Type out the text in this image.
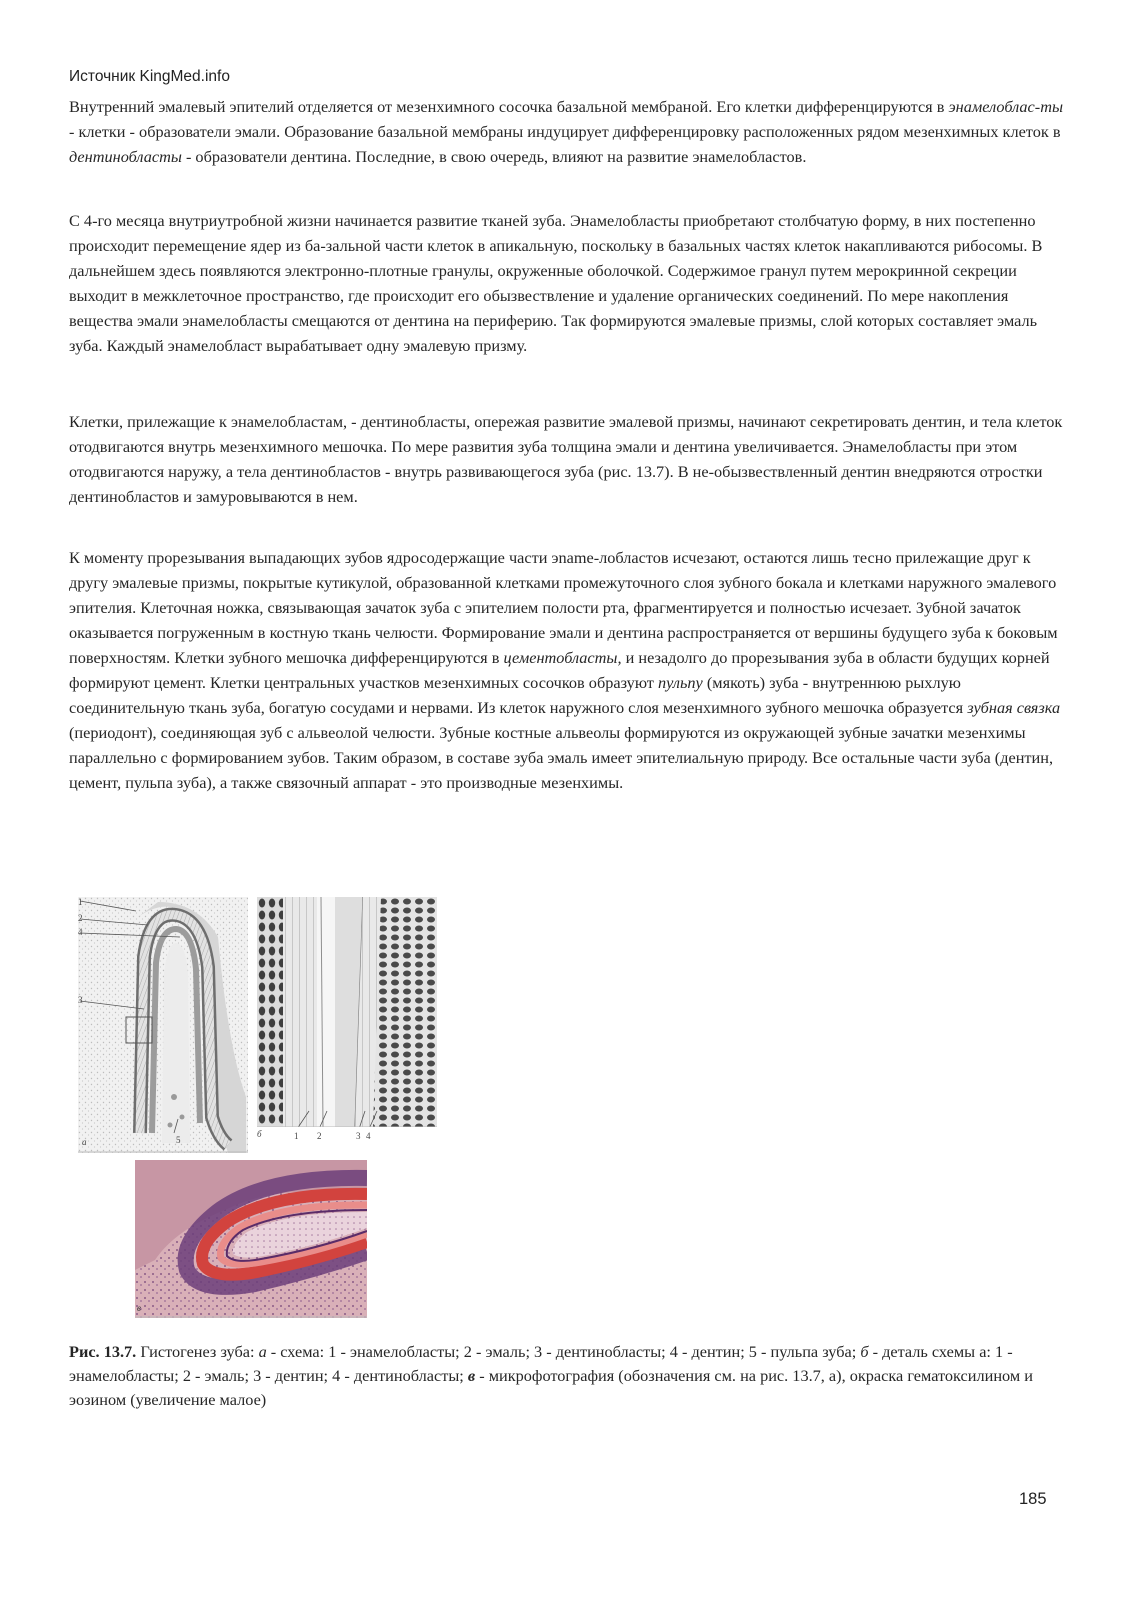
Источник KingMed.info

Внутренний эмалевый эпителий отделяется от мезенхимного сосочка базальной мембраной. Его клетки дифференцируются в энамелоблас-ты - клетки - образователи эмали. Образование базальной мембраны индуцирует дифференцировку расположенных рядом мезенхимных клеток в дентинобласты - образователи дентина. Последние, в свою очередь, влияют на развитие энамелобластов.

С 4-го месяца внутриутробной жизни начинается развитие тканей зуба. Энамелобласты приобретают столбчатую форму, в них постепенно происходит перемещение ядер из ба-зальной части клеток в апикальную, поскольку в базальных частях клеток накапливаются рибосомы. В дальнейшем здесь появляются электронно-плотные гранулы, окруженные оболочкой. Содержимое гранул путем мерокринной секреции выходит в межклеточное пространство, где происходит его обызвествление и удаление органических соединений. По мере накопления вещества эмали энамелобласты смещаются от дентина на периферию. Так формируются эмалевые призмы, слой которых составляет эмаль зуба. Каждый энамелобласт вырабатывает одну эмалевую призму.

Клетки, прилежащие к энамелобластам, - дентинобласты, опережая развитие эмалевой призмы, начинают секретировать дентин, и тела клеток отодвигаются внутрь мезенхимного мешочка. По мере развития зуба толщина эмали и дентина увеличивается. Энамелобласты при этом отодвигаются наружу, а тела дентинобластов - внутрь развивающегося зуба (рис. 13.7). В не-обызвествленный дентин внедряются отростки дентинобластов и замуровываются в нем.

К моменту прорезывания выпадающих зубов ядросодержащие части эname-лобластов исчезают, остаются лишь тесно прилежащие друг к другу эмалевые призмы, покрытые кутикулой, образованной клетками промежуточного слоя зубного бокала и клетками наружного эмалевого эпителия. Клеточная ножка, связывающая зачаток зуба с эпителием полости рта, фрагментируется и полностью исчезает. Зубной зачаток оказывается погруженным в костную ткань челюсти. Формирование эмали и дентина распространяется от вершины будущего зуба к боковым поверхностям. Клетки зубного мешочка дифференцируются в цементобласты, и незадолго до прорезывания зуба в области будущих корней формируют цемент. Клетки центральных участков мезенхимных сосочков образуют пульпу (мякоть) зуба - внутреннюю рыхлую соединительную ткань зуба, богатую сосудами и нервами. Из клеток наружного слоя мезенхимного зубного мешочка образуется зубная связка (периодонт), соединяющая зуб с альвеолой челюсти. Зубные костные альвеолы формируются из окружающей зубные зачатки мезенхимы параллельно с формированием зубов. Таким образом, в составе зуба эмаль имеет эпителиальную природу. Все остальные части зуба (дентин, цемент, пульпа зуба), а также связочный аппарат - это производные мезенхимы.

1
2
4
3
5
а
б	1 2	3 4
в
Рис. 13.7. Гистогенез зуба: а - схема: 1 - энамелобласты; 2 - эмаль; 3 - дентинобласты; 4 - дентин; 5 - пульпа зуба; б - деталь схемы а: 1 - энамелобласты; 2 - эмаль; 3 - дентин; 4 - дентинобласты; в - микрофотография (обозначения см. на рис. 13.7, а), окраска гематоксилином и эозином (увеличение малое)

185
